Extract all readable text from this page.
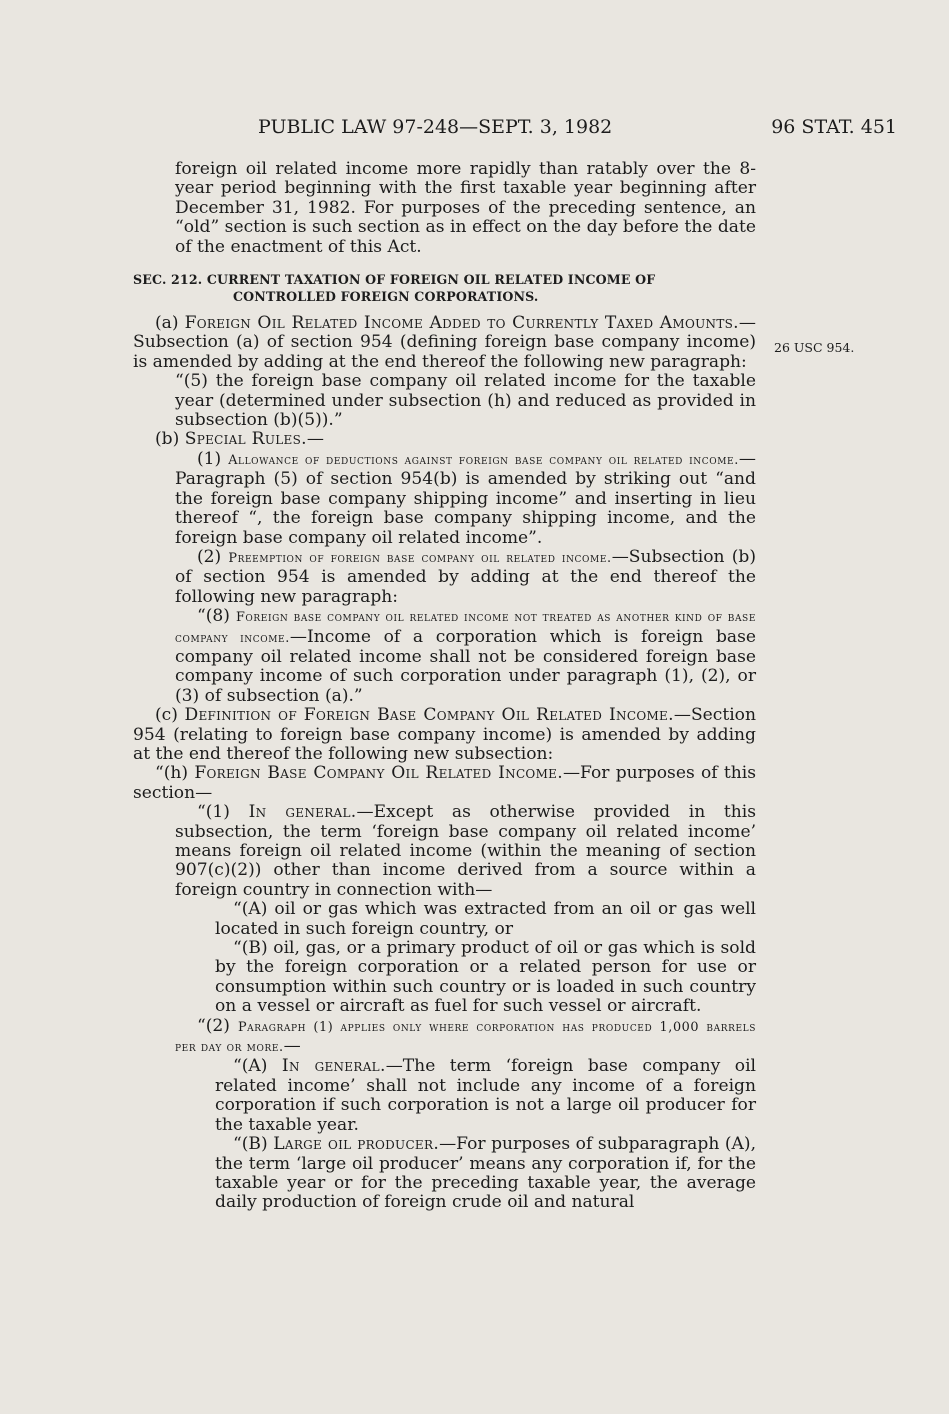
PUBLIC LAW 97-248—SEPT. 3, 1982	96 STAT. 451
26 USC 954.

foreign oil related income more rapidly than ratably over the 8-year period beginning with the first taxable year beginning after December 31, 1982. For purposes of the preceding sentence, an “old” section is such section as in effect on the day before the date of the enactment of this Act.

SEC. 212. CURRENT TAXATION OF FOREIGN OIL RELATED INCOME OF CONTROLLED FOREIGN CORPORATIONS.

(a) Foreign Oil Related Income Added to Currently Taxed Amounts.—Subsection (a) of section 954 (defining foreign base company income) is amended by adding at the end thereof the following new paragraph:

“(5) the foreign base company oil related income for the taxable year (determined under subsection (h) and reduced as provided in subsection (b)(5)).”

(b) Special Rules.—

(1) Allowance of deductions against foreign base company oil related income.—Paragraph (5) of section 954(b) is amended by striking out “and the foreign base company shipping income” and inserting in lieu thereof “, the foreign base company shipping income, and the foreign base company oil related income”.

(2) Preemption of foreign base company oil related income.—Subsection (b) of section 954 is amended by adding at the end thereof the following new paragraph:

“(8) Foreign base company oil related income not treated as another kind of base company income.—Income of a corporation which is foreign base company oil related income shall not be considered foreign base company income of such corporation under paragraph (1), (2), or (3) of subsection (a).”

(c) Definition of Foreign Base Company Oil Related Income.—Section 954 (relating to foreign base company income) is amended by adding at the end thereof the following new subsection:

“(h) Foreign Base Company Oil Related Income.—For purposes of this section—

“(1) In general.—Except as otherwise provided in this subsection, the term ‘foreign base company oil related income’ means foreign oil related income (within the meaning of section 907(c)(2)) other than income derived from a source within a foreign country in connection with—

“(A) oil or gas which was extracted from an oil or gas well located in such foreign country, or

“(B) oil, gas, or a primary product of oil or gas which is sold by the foreign corporation or a related person for use or consumption within such country or is loaded in such country on a vessel or aircraft as fuel for such vessel or aircraft.

“(2) Paragraph (1) applies only where corporation has produced 1,000 barrels per day or more.—

“(A) In general.—The term ‘foreign base company oil related income’ shall not include any income of a foreign corporation if such corporation is not a large oil producer for the taxable year.

“(B) Large oil producer.—For purposes of subparagraph (A), the term ‘large oil producer’ means any corporation if, for the taxable year or for the preceding taxable year, the average daily production of foreign crude oil and natural
